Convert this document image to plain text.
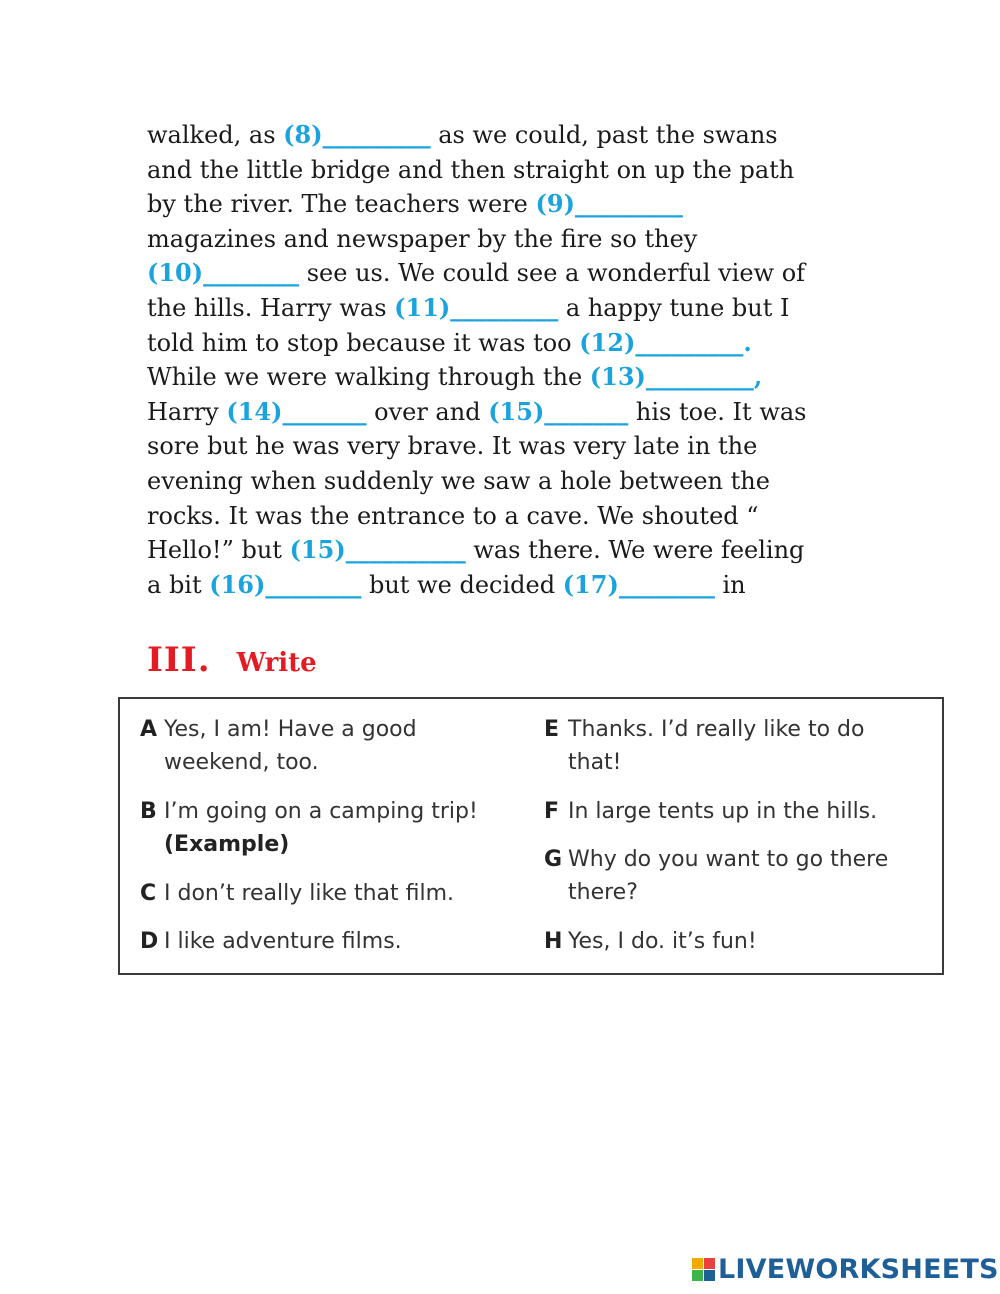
walked, as (8)_________ as we could, past the swans
and the little bridge and then straight on up the path
by the river. The teachers were (9)_________
magazines and newspaper by the fire so they
(10)________ see us. We could see a wonderful view of
the hills. Harry was (11)_________ a happy tune but I
told him to stop because it was too (12)_________.
While we were walking through the (13)_________,
Harry (14)_______ over and (15)_______ his toe. It was
sore but he was very brave. It was very late in the
evening when suddenly we saw a hole between the
rocks. It was the entrance to a cave. We shouted “
Hello!” but (15)__________ was there. We were feeling
a bit (16)________ but we decided (17)________ in
III. Write
A Yes, I am! Have a good
weekend, too.
B I’m going on a camping trip!
(Example)
C I don’t really like that film.
D I like adventure films.
E Thanks. I’d really like to do
that!
F In large tents up in the hills.
G Why do you want to go there
there?
H Yes, I do. it’s fun!
LIVEWORKSHEETS
